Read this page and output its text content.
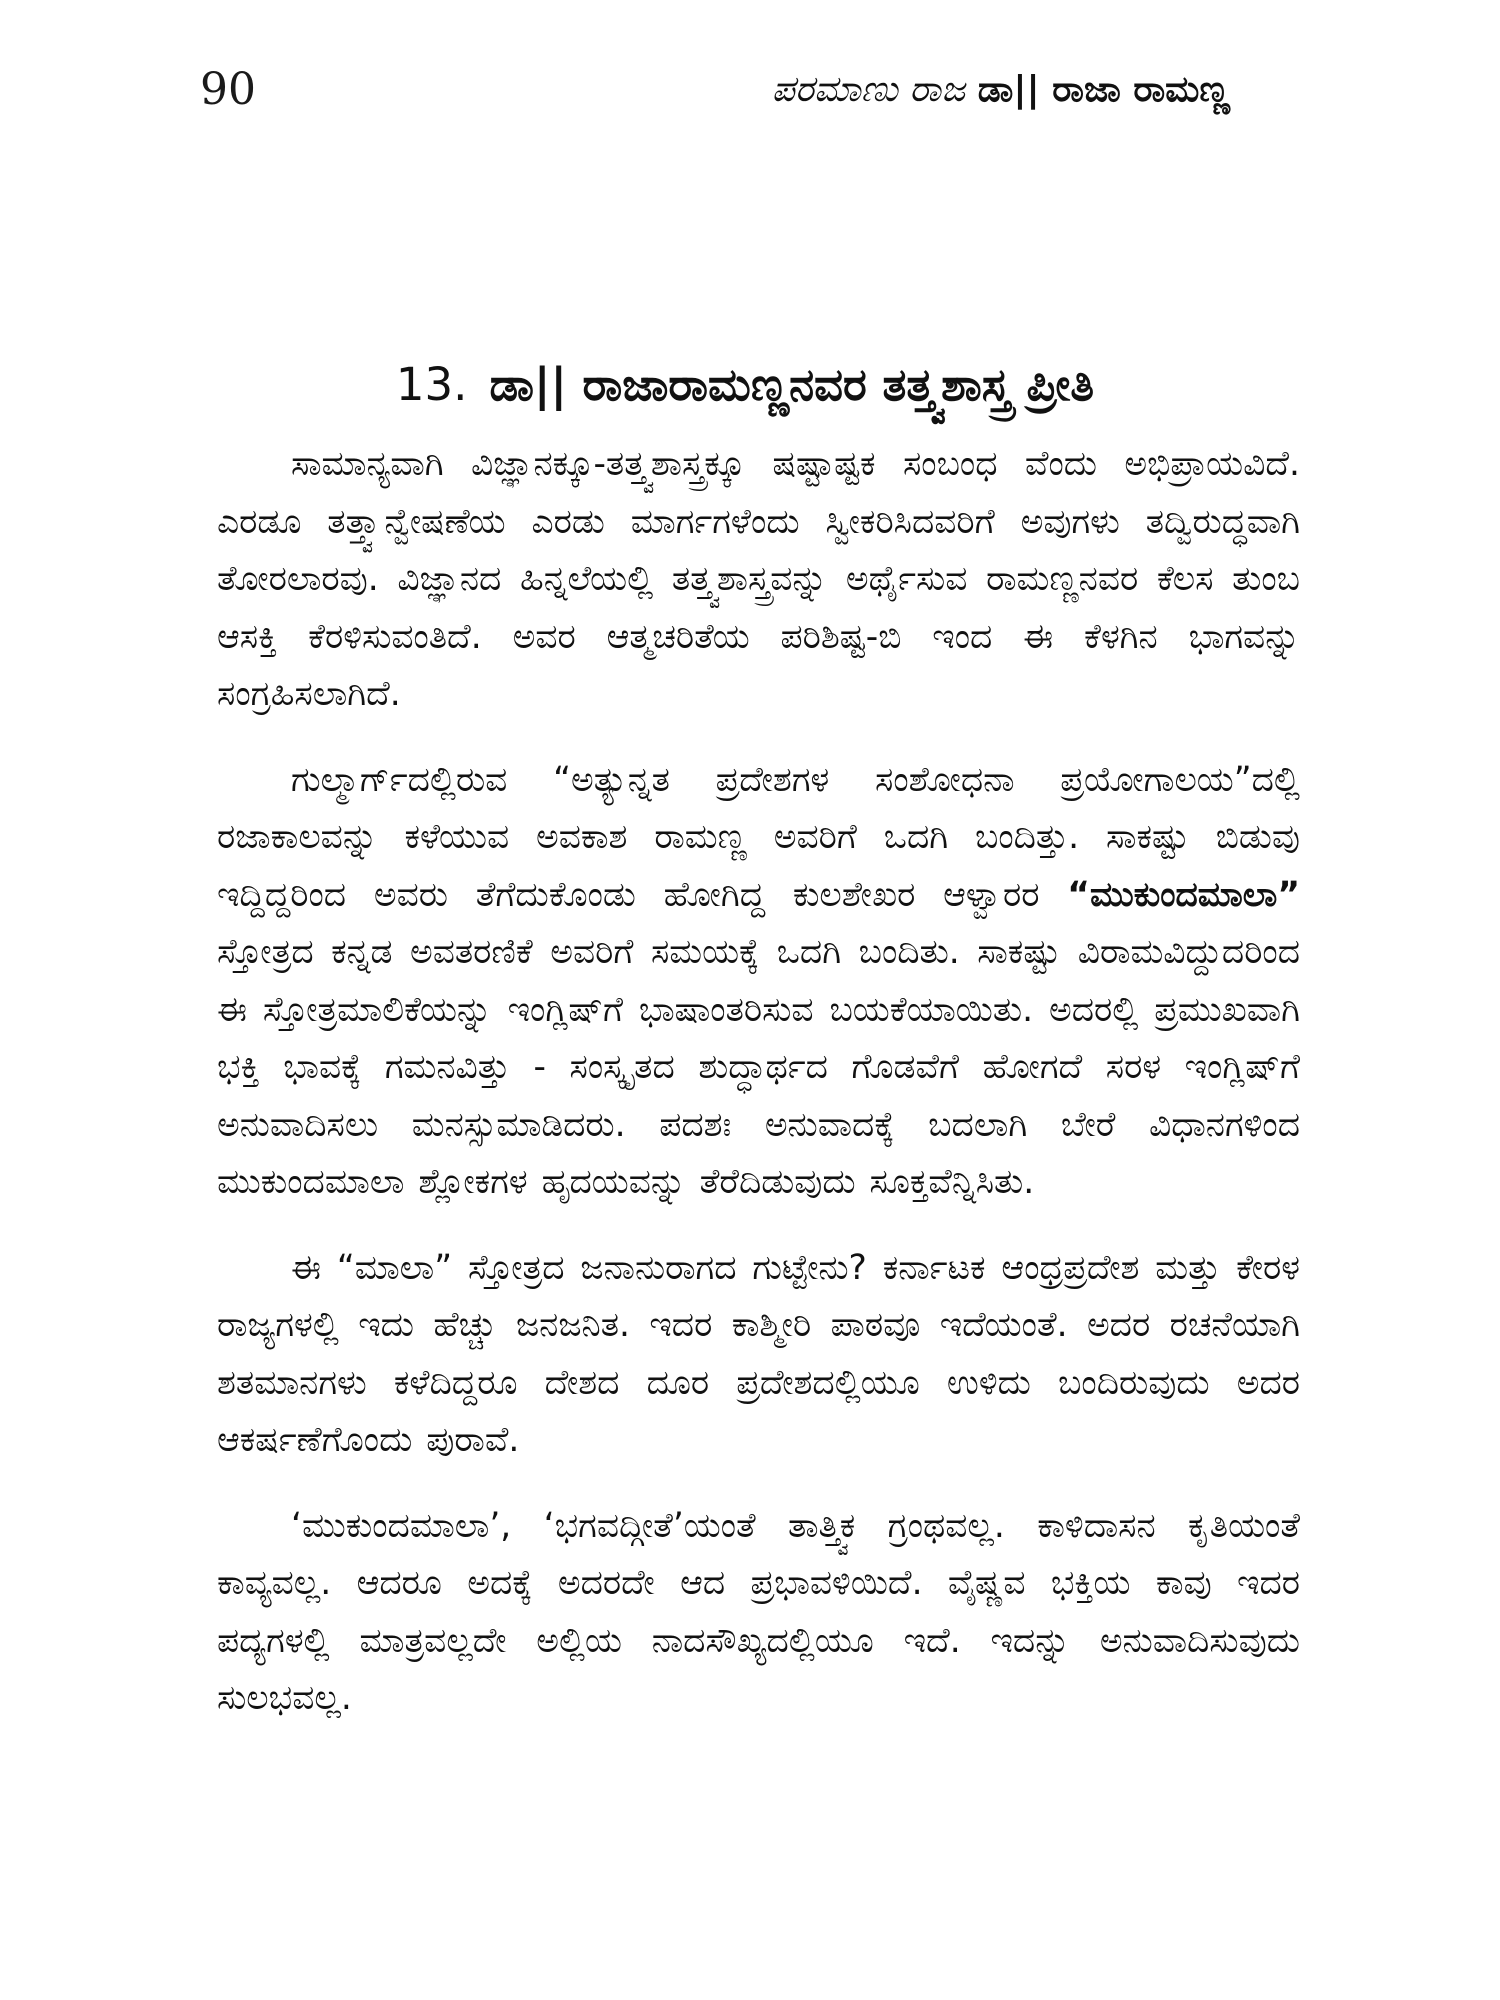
90	ಪರಮಾಣು ರಾಜ ಡಾ|| ರಾಜಾ ರಾಮಣ್ಣ
13. ಡಾ|| ರಾಜಾರಾಮಣ್ಣನವರ ತತ್ತ್ವಶಾಸ್ತ್ರ ಪ್ರೀತಿ

ಸಾಮಾನ್ಯವಾಗಿ ವಿಜ್ಞಾನಕ್ಕೂ-ತತ್ತ್ವಶಾಸ್ತ್ರಕ್ಕೂ ಷಷ್ಟಾಷ್ಟಕ ಸಂಬಂಧ ವೆಂದು ಅಭಿಪ್ರಾಯವಿದೆ. ಎರಡೂ ತತ್ತ್ವಾನ್ವೇಷಣೆಯ ಎರಡು ಮಾರ್ಗಗಳೆಂದು ಸ್ವೀಕರಿಸಿದವರಿಗೆ ಅವುಗಳು ತದ್ವಿರುದ್ಧವಾಗಿ ತೋರಲಾರವು. ವಿಜ್ಞಾನದ ಹಿನ್ನಲೆಯಲ್ಲಿ ತತ್ತ್ವಶಾಸ್ತ್ರವನ್ನು ಅರ್ಥೈಸುವ ರಾಮಣ್ಣನವರ ಕೆಲಸ ತುಂಬ ಆಸಕ್ತಿ ಕೆರಳಿಸುವಂತಿದೆ. ಅವರ ಆತ್ಮಚರಿತೆಯ ಪರಿಶಿಷ್ಟ-ಬಿ ಇಂದ ಈ ಕೆಳಗಿನ ಭಾಗವನ್ನು ಸಂಗ್ರಹಿಸಲಾಗಿದೆ.

ಗುಲ್ಮಾರ್ಗ್‌ದಲ್ಲಿರುವ “ಅತ್ಯುನ್ನತ ಪ್ರದೇಶಗಳ ಸಂಶೋಧನಾ ಪ್ರಯೋಗಾಲಯ”ದಲ್ಲಿ ರಜಾಕಾಲವನ್ನು ಕಳೆಯುವ ಅವಕಾಶ ರಾಮಣ್ಣ ಅವರಿಗೆ ಒದಗಿ ಬಂದಿತ್ತು. ಸಾಕಷ್ಟು ಬಿಡುವು ಇದ್ದಿದ್ದರಿಂದ ಅವರು ತೆಗೆದುಕೊಂಡು ಹೋಗಿದ್ದ ಕುಲಶೇಖರ ಆಳ್ವಾರರ “ಮುಕುಂದಮಾಲಾ” ಸ್ತೋತ್ರದ ಕನ್ನಡ ಅವತರಣಿಕೆ ಅವರಿಗೆ ಸಮಯಕ್ಕೆ ಒದಗಿ ಬಂದಿತು. ಸಾಕಷ್ಟು ವಿರಾಮವಿದ್ದುದರಿಂದ ಈ ಸ್ತೋತ್ರಮಾಲಿಕೆಯನ್ನು ಇಂಗ್ಲಿಷ್‌ಗೆ ಭಾಷಾಂತರಿಸುವ ಬಯಕೆಯಾಯಿತು. ಅದರಲ್ಲಿ ಪ್ರಮುಖವಾಗಿ ಭಕ್ತಿ ಭಾವಕ್ಕೆ ಗಮನವಿತ್ತು - ಸಂಸ್ಕೃತದ ಶುದ್ಧಾರ್ಥದ ಗೊಡವೆಗೆ ಹೋಗದೆ ಸರಳ ಇಂಗ್ಲಿಷ್‌ಗೆ ಅನುವಾದಿಸಲು ಮನಸ್ಸುಮಾಡಿದರು. ಪದಶಃ ಅನುವಾದಕ್ಕೆ ಬದಲಾಗಿ ಬೇರೆ ವಿಧಾನಗಳಿಂದ ಮುಕುಂದಮಾಲಾ ಶ್ಲೋಕಗಳ ಹೃದಯವನ್ನು ತೆರೆದಿಡುವುದು ಸೂಕ್ತವೆನ್ನಿಸಿತು.

ಈ “ಮಾಲಾ” ಸ್ತೋತ್ರದ ಜನಾನುರಾಗದ ಗುಟ್ಟೇನು? ಕರ್ನಾಟಕ ಆಂಧ್ರಪ್ರದೇಶ ಮತ್ತು ಕೇರಳ ರಾಜ್ಯಗಳಲ್ಲಿ ಇದು ಹೆಚ್ಚು ಜನಜನಿತ. ಇದರ ಕಾಶ್ಮೀರಿ ಪಾಠವೂ ಇದೆಯಂತೆ. ಅದರ ರಚನೆಯಾಗಿ ಶತಮಾನಗಳು ಕಳೆದಿದ್ದರೂ ದೇಶದ ದೂರ ಪ್ರದೇಶದಲ್ಲಿಯೂ ಉಳಿದು ಬಂದಿರುವುದು ಅದರ ಆಕರ್ಷಣೆಗೊಂದು ಪುರಾವೆ.

‘ಮುಕುಂದಮಾಲಾ’, ‘ಭಗವದ್ಗೀತೆ’ಯಂತೆ ತಾತ್ತ್ವಿಕ ಗ್ರಂಥವಲ್ಲ. ಕಾಳಿದಾಸನ ಕೃತಿಯಂತೆ ಕಾವ್ಯವಲ್ಲ. ಆದರೂ ಅದಕ್ಕೆ ಅದರದೇ ಆದ ಪ್ರಭಾವಳಿಯಿದೆ. ವೈಷ್ಣವ ಭಕ್ತಿಯ ಕಾವು ಇದರ ಪದ್ಯಗಳಲ್ಲಿ ಮಾತ್ರವಲ್ಲದೇ ಅಲ್ಲಿಯ ನಾದಸೌಖ್ಯದಲ್ಲಿಯೂ ಇದೆ. ಇದನ್ನು ಅನುವಾದಿಸುವುದು ಸುಲಭವಲ್ಲ.
